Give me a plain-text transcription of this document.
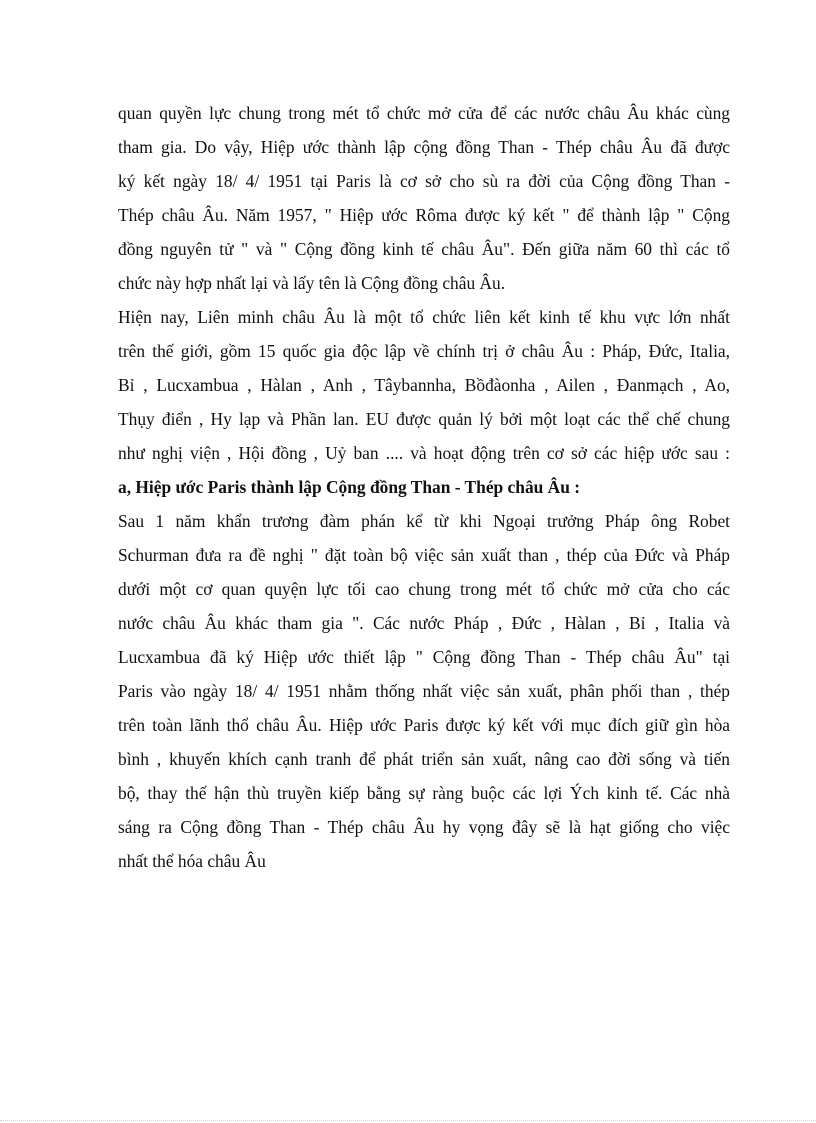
quan quyền lực chung trong mét tổ chức mở cửa để các nước châu Âu khác cùng
tham gia. Do vậy, Hiệp ước thành lập cộng đồng Than - Thép châu Âu đã được
ký kết ngày 18/ 4/ 1951 tại Paris là cơ sở cho sù ra đời của Cộng đồng Than -
Thép châu Âu. Năm 1957, " Hiệp ước Rôma được ký kết " để thành lập " Cộng
đồng nguyên tử " và " Cộng đồng kinh tế châu Âu". Đến giữa năm 60 thì các tổ
chức này hợp nhất lại và lấy tên là Cộng đồng châu Âu.
Hiện nay, Liên minh châu Âu là một tổ chức liên kết kinh tế khu vực lớn nhất
trên thế giới, gồm 15 quốc gia độc lập về chính trị ở châu Âu : Pháp, Đức, Italia,
Bỉ , Lucxambua , Hàlan , Anh , Tâybannha, Bồđàonha , Ailen , Đanmạch , Ao,
Thụy điển , Hy lạp và Phần lan. EU được quản lý bởi một loạt các thể chế chung
như nghị viện , Hội đồng , Uỷ ban .... và hoạt động trên cơ sở các hiệp ước sau :
a, Hiệp ước Paris thành lập Cộng đồng Than - Thép châu Âu :
Sau 1 năm khẩn trương đàm phán kể từ khi Ngoại trưởng Pháp ông Robet
Schurman đưa ra đề nghị " đặt toàn bộ việc sản xuất than , thép của Đức và Pháp
dưới một cơ quan quyện lực tối cao chung trong mét tổ chức mở cửa cho các
nước châu Âu khác tham gia ". Các nước Pháp , Đức , Hàlan , Bỉ , Italia và
Lucxambua đã ký Hiệp ước thiết lập " Cộng đồng Than - Thép châu Âu" tại
Paris vào ngày 18/ 4/ 1951 nhằm thống nhất việc sản xuất, phân phối than , thép
trên toàn lãnh thổ châu Âu. Hiệp ước Paris được ký kết với mục đích giữ gìn hòa
bình , khuyến khích cạnh tranh để phát triển sản xuất, nâng cao đời sống và tiến
bộ, thay thế hận thù truyền kiếp bằng sự ràng buộc các lợi Ých kinh tế. Các nhà
sáng ra Cộng đồng Than - Thép châu Âu hy vọng đây sẽ là hạt giống cho việc
nhất thể hóa châu Âu
